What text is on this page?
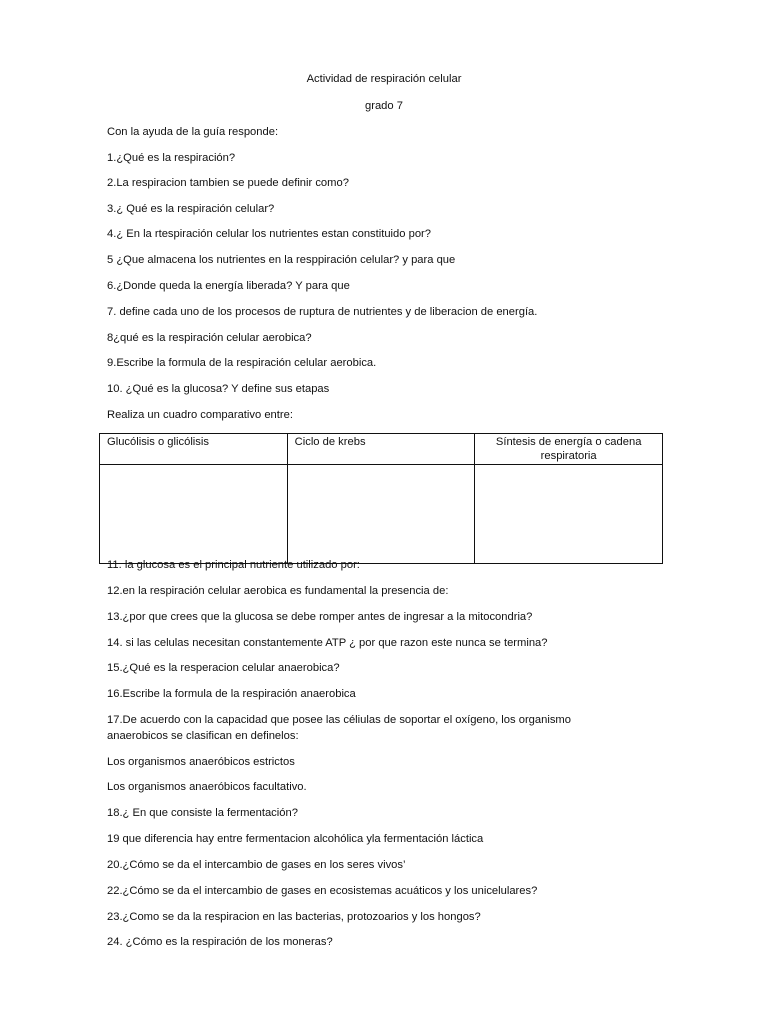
Actividad de respiración celular

grado 7

Con la ayuda de la guía responde:

1.¿Qué es la respiración?

2.La respiracion tambien se puede definir como?

3.¿ Qué es la respiración celular?

4.¿ En la rtespiración celular los nutrientes estan constituido por?

5 ¿Que almacena los nutrientes en la resppiración celular? y para que

6.¿Donde queda la energía liberada? Y para que

7. define cada uno de los procesos de ruptura de nutrientes y de liberacion de energía.

8¿qué es la respiración celular aerobica?

9.Escribe la formula de la respiración celular aerobica.

10. ¿Qué es la glucosa? Y define sus etapas

Realiza un cuadro comparativo entre:

Glucólisis o glicólisis	Ciclo de krebs	Síntesis de energía o cadena respiratoria

11. la glucosa es el principal nutriente utilizado por:

12.en la respiración celular aerobica es fundamental la presencia de:

13.¿por que crees que la glucosa se debe romper antes de ingresar a la mitocondria?

14. si las celulas necesitan constantemente ATP ¿ por que razon este nunca se termina?

15.¿Qué es la resperacion celular anaerobica?

16.Escribe la formula de la respiración anaerobica

17.De acuerdo con la capacidad que posee las céliulas de soportar el oxígeno, los organismo

anaerobicos se clasifican en definelos:

Los organismos anaeróbicos estrictos

Los organismos anaeróbicos facultativo.

18.¿ En que consiste la fermentación?

19 que diferencia hay entre fermentacion alcohólica yla fermentación láctica

20.¿Cómo se da el intercambio de gases en los seres vivos’

22.¿Cómo se da el intercambio de gases en ecosistemas acuáticos y los unicelulares?

23.¿Como se da la respiracion en las bacterias, protozoarios y los hongos?

24. ¿Cómo es la respiración de los moneras?
